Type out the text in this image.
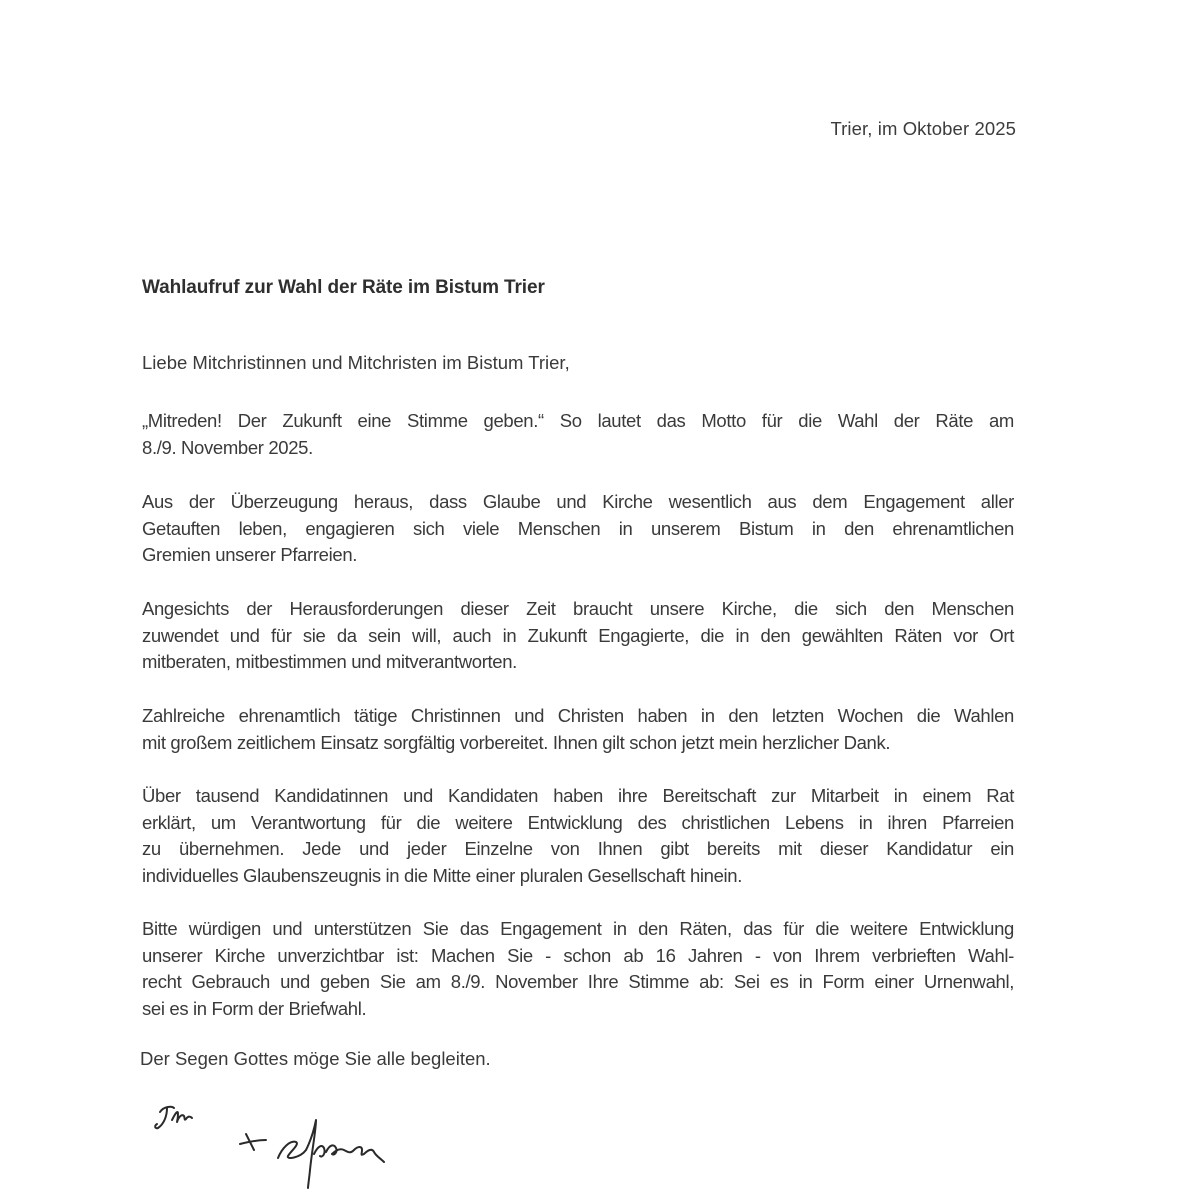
Trier, im Oktober 2025
Wahlaufruf zur Wahl der Räte im Bistum Trier
Liebe Mitchristinnen und Mitchristen im Bistum Trier,
„Mitreden! Der Zukunft eine Stimme geben.“ So lautet das Motto für die Wahl der Räte am
8./9. November 2025.
Aus der Überzeugung heraus, dass Glaube und Kirche wesentlich aus dem Engagement aller
Getauften leben, engagieren sich viele Menschen in unserem Bistum in den ehrenamtlichen
Gremien unserer Pfarreien.
Angesichts der Herausforderungen dieser Zeit braucht unsere Kirche, die sich den Menschen
zuwendet und für sie da sein will, auch in Zukunft Engagierte, die in den gewählten Räten vor Ort
mitberaten, mitbestimmen und mitverantworten.
Zahlreiche ehrenamtlich tätige Christinnen und Christen haben in den letzten Wochen die Wahlen
mit großem zeitlichem Einsatz sorgfältig vorbereitet. Ihnen gilt schon jetzt mein herzlicher Dank.
Über tausend Kandidatinnen und Kandidaten haben ihre Bereitschaft zur Mitarbeit in einem Rat
erklärt, um Verantwortung für die weitere Entwicklung des christlichen Lebens in ihren Pfarreien
zu übernehmen. Jede und jeder Einzelne von Ihnen gibt bereits mit dieser Kandidatur ein
individuelles Glaubenszeugnis in die Mitte einer pluralen Gesellschaft hinein.
Bitte würdigen und unterstützen Sie das Engagement in den Räten, das für die weitere Entwicklung
unserer Kirche unverzichtbar ist: Machen Sie - schon ab 16 Jahren - von Ihrem verbrieften Wahl-
recht Gebrauch und geben Sie am 8./9. November Ihre Stimme ab: Sei es in Form einer Urnenwahl,
sei es in Form der Briefwahl.
Der Segen Gottes möge Sie alle begleiten.
